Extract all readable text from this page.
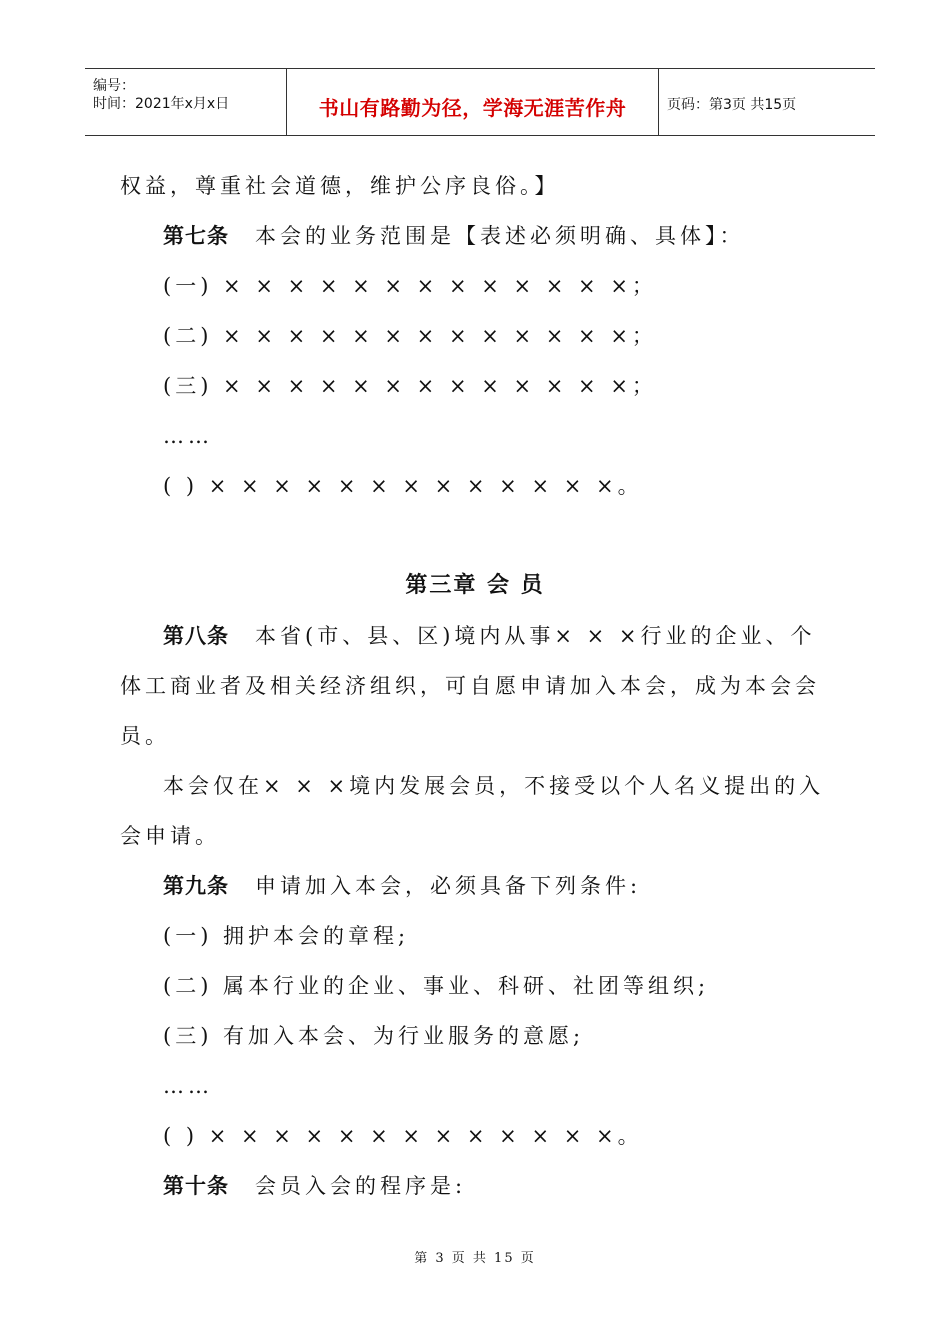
编号：
时间：2021年x月x日	书山有路勤为径，学海无涯苦作舟	页码：第3页 共15页
权益，尊重社会道德，维护公序良俗。】
第七条 本会的业务范围是【表述必须明确、具体】：
(一) × × × × × × × × × × × × ×；
(二) × × × × × × × × × × × × ×；
(三) × × × × × × × × × × × × ×；
……
( ) × × × × × × × × × × × × ×。
第三章 会 员
第八条 本省(市、县、区)境内从事× × ×行业的企业、个
体工商业者及相关经济组织，可自愿申请加入本会，成为本会会
员。
本会仅在× × ×境内发展会员，不接受以个人名义提出的入
会申请。
第九条 申请加入本会，必须具备下列条件:
(一) 拥护本会的章程;
(二) 属本行业的企业、事业、科研、社团等组织;
(三) 有加入本会、为行业服务的意愿;
……
( ) × × × × × × × × × × × × ×。
第十条 会员入会的程序是:
第 3 页 共 15 页
